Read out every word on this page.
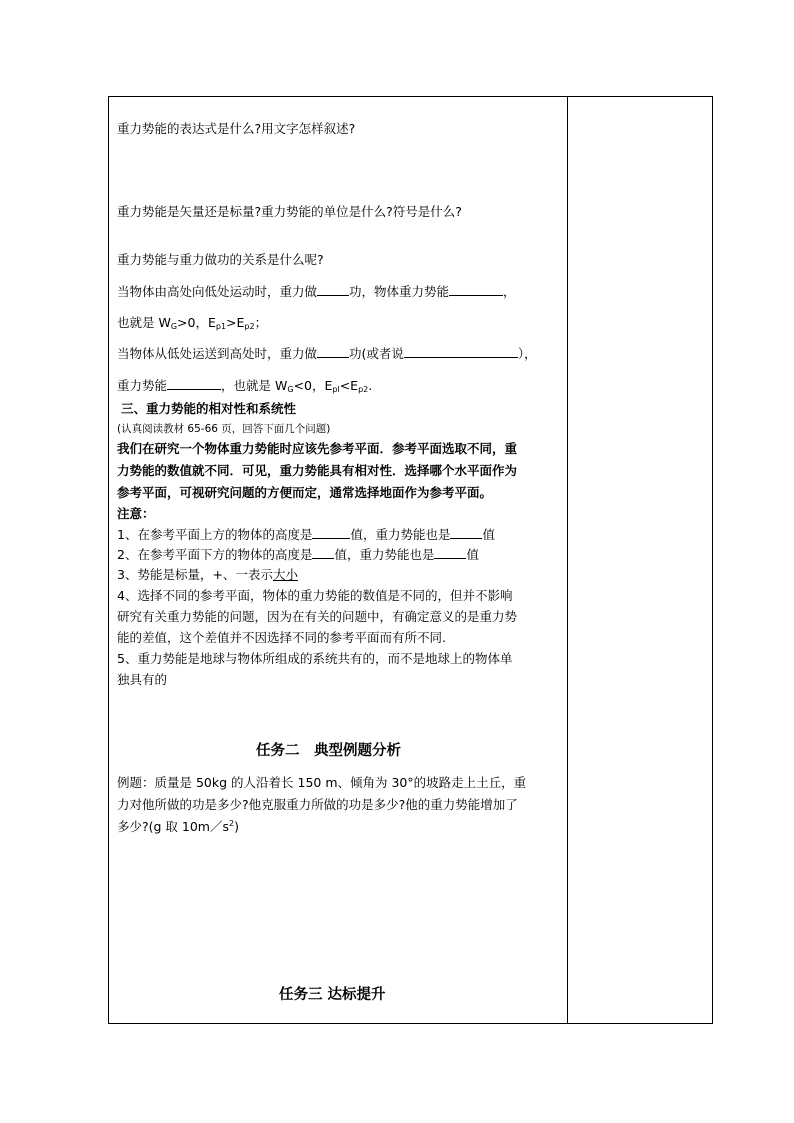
重力势能的表达式是什么?用文字怎样叙述?
重力势能是矢量还是标量?重力势能的单位是什么?符号是什么?
重力势能与重力做功的关系是什么呢?
当物体由高处向低处运动时，重力做	功，物体重力势能	，
也就是 $W_G>0$，$E_{p1}>E_{p2}$；
当物体从低处运送到高处时，重力做	功(或者说	），
重力势能	，也就是 $W_G<0$，$E_{pl}<E_{p2}$.
三、重力势能的相对性和系统性
(认真阅读教材 65-66 页，回答下面几个问题)
我们在研究一个物体重力势能时应该先参考平面．参考平面选取不同，重
力势能的数值就不同．可见，重力势能具有相对性．选择哪个水平面作为
参考平面，可视研究问题的方便而定，通常选择地面作为参考平面。
注意：
1、在参考平面上方的物体的高度是	值，重力势能也是	值
2、在参考平面下方的物体的高度是 值，重力势能也是	值
3、势能是标量，+、一表示大小
4、选择不同的参考平面，物体的重力势能的数值是不同的，但并不影响
研究有关重力势能的问题，因为在有关的问题中，有确定意义的是重力势
能的差值，这个差值并不因选择不同的参考平面而有所不同.
5、重力势能是地球与物体所组成的系统共有的，而不是地球上的物体单
独具有的
任务二　典型例题分析
例题：质量是 50kg 的人沿着长 150 m、倾角为 30°的坡路走上土丘，重
力对他所做的功是多少?他克服重力所做的功是多少?他的重力势能增加了
多少?(g 取 $10m/s^2$)
任务三 达标提升
